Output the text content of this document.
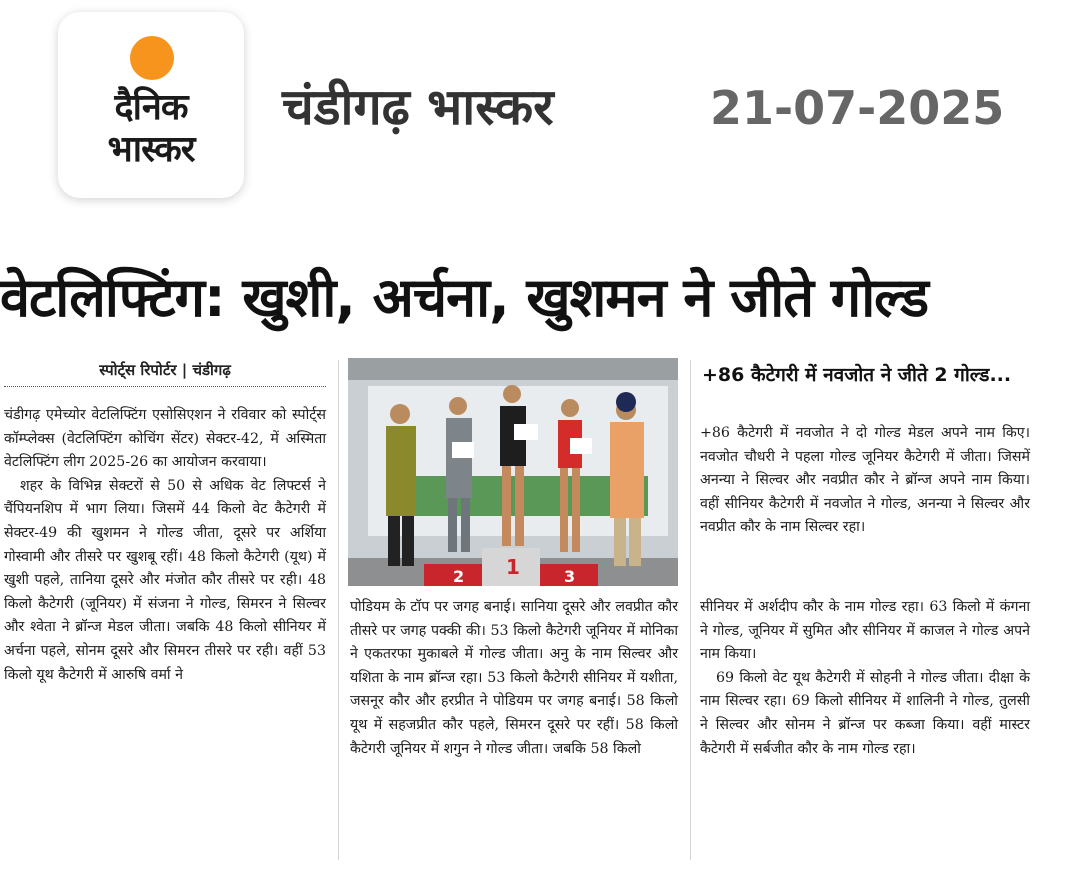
दैनिक
भास्कर
चंडीगढ़ भास्कर	21-07-2025
वेटलिफ्टिंग: खुशी, अर्चना, खुशमन ने जीते गोल्ड
स्पोर्ट्स रिपोर्टर | चंडीगढ़

चंडीगढ़ एमेच्योर वेटलिफ्टिंग एसोसिएशन ने रविवार को स्पोर्ट्स कॉम्प्लेक्स (वेटलिफ्टिंग कोचिंग सेंटर) सेक्टर-42, में अस्मिता वेटलिफ्टिंग लीग 2025-26 का आयोजन करवाया।

शहर के विभिन्न सेक्टरों से 50 से अधिक वेट लिफ्टर्स ने चैंपियनशिप में भाग लिया। जिसमें 44 किलो वेट कैटेगरी में सेक्टर-49 की खुशमन ने गोल्ड जीता, दूसरे पर अर्शिया गोस्वामी और तीसरे पर खुशबू रहीं। 48 किलो कैटेगरी (यूथ) में खुशी पहले, तानिया दूसरे और मंजोत कौर तीसरे पर रही। 48 किलो कैटेगरी (जूनियर) में संजना ने गोल्ड, सिमरन ने सिल्वर और श्वेता ने ब्रॉन्ज मेडल जीता। जबकि 48 किलो सीनियर में अर्चना पहले, सोनम दूसरे और सिमरन तीसरे पर रही। वहीं 53 किलो यूथ कैटेगरी में आरुषि वर्मा ने

2 1	3

पोडियम के टॉप पर जगह बनाई। सानिया दूसरे और लवप्रीत कौर तीसरे पर जगह पक्की की। 53 किलो कैटेगरी जूनियर में मोनिका ने एकतरफा मुकाबले में गोल्ड जीता। अनु के नाम सिल्वर और यशिता के नाम ब्रॉन्ज रहा। 53 किलो कैटेगरी सीनियर में यशीता, जसनूर कौर और हरप्रीत ने पोडियम पर जगह बनाई। 58 किलो यूथ में सहजप्रीत कौर पहले, सिमरन दूसरे पर रहीं। 58 किलो कैटेगरी जूनियर में शगुन ने गोल्ड जीता। जबकि 58 किलो

+86 कैटेगरी में नवजोत ने जीते 2 गोल्ड...

+86 कैटेगरी में नवजोत ने दो गोल्ड मेडल अपने नाम किए। नवजोत चौधरी ने पहला गोल्ड जूनियर कैटेगरी में जीता। जिसमें अनन्या ने सिल्वर और नवप्रीत कौर ने ब्रॉन्ज अपने नाम किया। वहीं सीनियर कैटेगरी में नवजोत ने गोल्ड, अनन्या ने सिल्वर और नवप्रीत कौर के नाम सिल्वर रहा।

सीनियर में अर्शदीप कौर के नाम गोल्ड रहा। 63 किलो में कंगना ने गोल्ड, जूनियर में सुमित और सीनियर में काजल ने गोल्ड अपने नाम किया।

69 किलो वेट यूथ कैटेगरी में सोहनी ने गोल्ड जीता। दीक्षा के नाम सिल्वर रहा। 69 किलो सीनियर में शालिनी ने गोल्ड, तुलसी ने सिल्वर और सोनम ने ब्रॉन्ज पर कब्जा किया। वहीं मास्टर कैटेगरी में सर्बजीत कौर के नाम गोल्ड रहा।
